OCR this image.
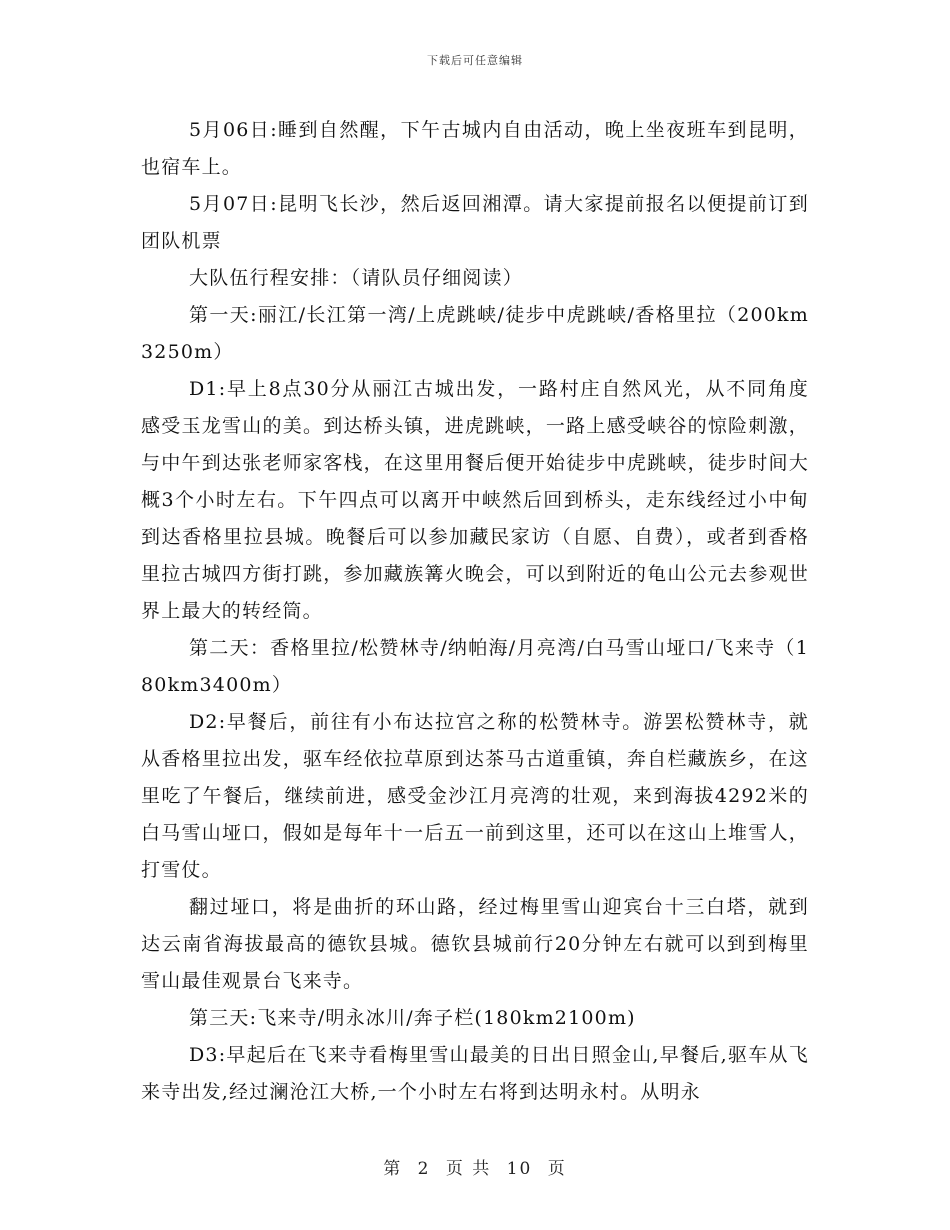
下载后可任意编辑

5月06日:睡到自然醒，下午古城内自由活动，晚上坐夜班车到昆明，也宿车上。

5月07日:昆明飞长沙，然后返回湘潭。请大家提前报名以便提前订到团队机票

大队伍行程安排：（请队员仔细阅读）

第一天:丽江/长江第一湾/上虎跳峡/徒步中虎跳峡/香格里拉（200km3250m）

D1:早上8点30分从丽江古城出发，一路村庄自然风光，从不同角度感受玉龙雪山的美。到达桥头镇，进虎跳峡，一路上感受峡谷的惊险刺激，与中午到达张老师家客栈，在这里用餐后便开始徒步中虎跳峡，徒步时间大概3个小时左右。下午四点可以离开中峡然后回到桥头，走东线经过小中甸到达香格里拉县城。晚餐后可以参加藏民家访（自愿、自费），或者到香格里拉古城四方街打跳，参加藏族篝火晚会，可以到附近的龟山公元去参观世界上最大的转经筒。

第二天：香格里拉/松赞林寺/纳帕海/月亮湾/白马雪山垭口/飞来寺（180km3400m）

D2:早餐后，前往有小布达拉宫之称的松赞林寺。游罢松赞林寺，就从香格里拉出发，驱车经依拉草原到达茶马古道重镇，奔自栏藏族乡，在这里吃了午餐后，继续前进，感受金沙江月亮湾的壮观，来到海拔4292米的白马雪山垭口，假如是每年十一后五一前到这里，还可以在这山上堆雪人，打雪仗。

翻过垭口，将是曲折的环山路，经过梅里雪山迎宾台十三白塔，就到达云南省海拔最高的德钦县城。德钦县城前行20分钟左右就可以到到梅里雪山最佳观景台飞来寺。

第三天:飞来寺/明永冰川/奔子栏(180km2100m)

D3:早起后在飞来寺看梅里雪山最美的日出日照金山,早餐后,驱车从飞来寺出发,经过澜沧江大桥,一个小时左右将到达明永村。从明永

第 2 页 共 10 页
